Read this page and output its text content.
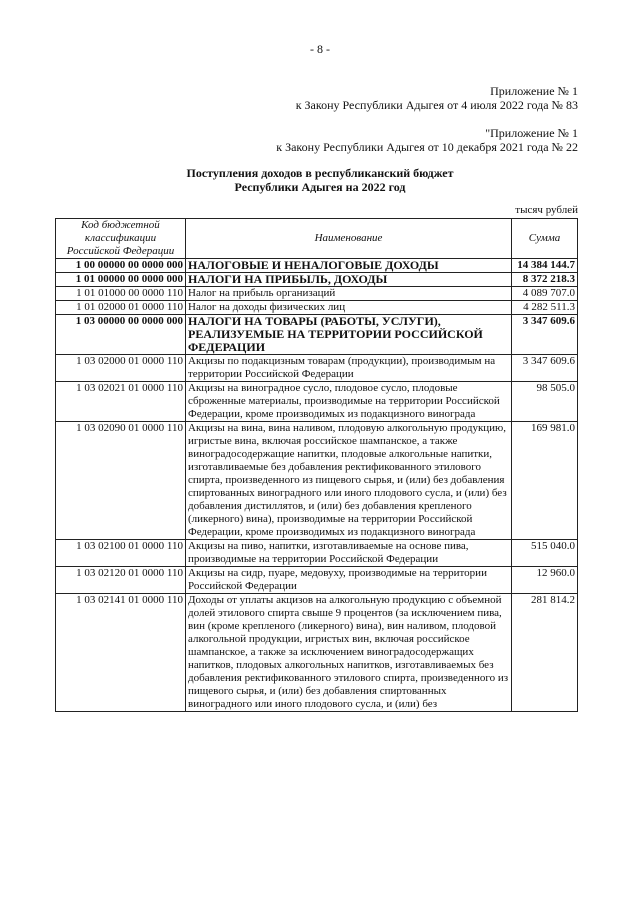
- 8 -
Приложение № 1
к Закону Республики Адыгея от 4 июля 2022 года № 83
"Приложение № 1
к Закону Республики Адыгея от 10 декабря 2021 года № 22
Поступления доходов в республиканский бюджет
Республики Адыгея на 2022 год
тысяч рублей
Код бюджетной классификации Российской Федерации	Наименование	Сумма
1 00 00000 00 0000 000	НАЛОГОВЫЕ И НЕНАЛОГОВЫЕ ДОХОДЫ	14 384 144.7
1 01 00000 00 0000 000	НАЛОГИ НА ПРИБЫЛЬ, ДОХОДЫ	8 372 218.3
1 01 01000 00 0000 110	Налог на прибыль организаций	4 089 707.0
1 01 02000 01 0000 110	Налог на доходы физических лиц	4 282 511.3
1 03 00000 00 0000 000	НАЛОГИ НА ТОВАРЫ (РАБОТЫ, УСЛУГИ), РЕАЛИЗУЕМЫЕ НА ТЕРРИТОРИИ РОССИЙСКОЙ ФЕДЕРАЦИИ	3 347 609.6
1 03 02000 01 0000 110	Акцизы по подакцизным товарам (продукции), производимым на территории Российской Федерации	3 347 609.6
1 03 02021 01 0000 110	Акцизы на виноградное сусло, плодовое сусло, плодовые сброженные материалы, производимые на территории Российской Федерации, кроме производимых из подакцизного винограда	98 505.0
1 03 02090 01 0000 110	Акцизы на вина, вина наливом, плодовую алкогольную продукцию, игристые вина, включая российское шампанское, а также виноградосодержащие напитки, плодовые алкогольные напитки, изготавливаемые без добавления ректификованного этилового спирта, произведенного из пищевого сырья, и (или) без добавления спиртованных виноградного или иного плодового сусла, и (или) без добавления дистиллятов, и (или) без добавления крепленого (ликерного) вина), производимые на территории Российской Федерации, кроме производимых из подакцизного винограда	169 981.0
1 03 02100 01 0000 110	Акцизы на пиво, напитки, изготавливаемые на основе пива, производимые на территории Российской Федерации	515 040.0
1 03 02120 01 0000 110	Акцизы на сидр, пуаре, медовуху, производимые на территории Российской Федерации	12 960.0
1 03 02141 01 0000 110	Доходы от уплаты акцизов на алкогольную продукцию с объемной долей этилового спирта свыше 9 процентов (за исключением пива, вин (кроме крепленого (ликерного) вина), вин наливом, плодовой алкогольной продукции, игристых вин, включая российское шампанское, а также за исключением виноградосодержащих напитков, плодовых алкогольных напитков, изготавливаемых без добавления ректификованного этилового спирта, произведенного из пищевого сырья, и (или) без добавления спиртованных виноградного или иного плодового сусла, и (или) без	281 814.2
